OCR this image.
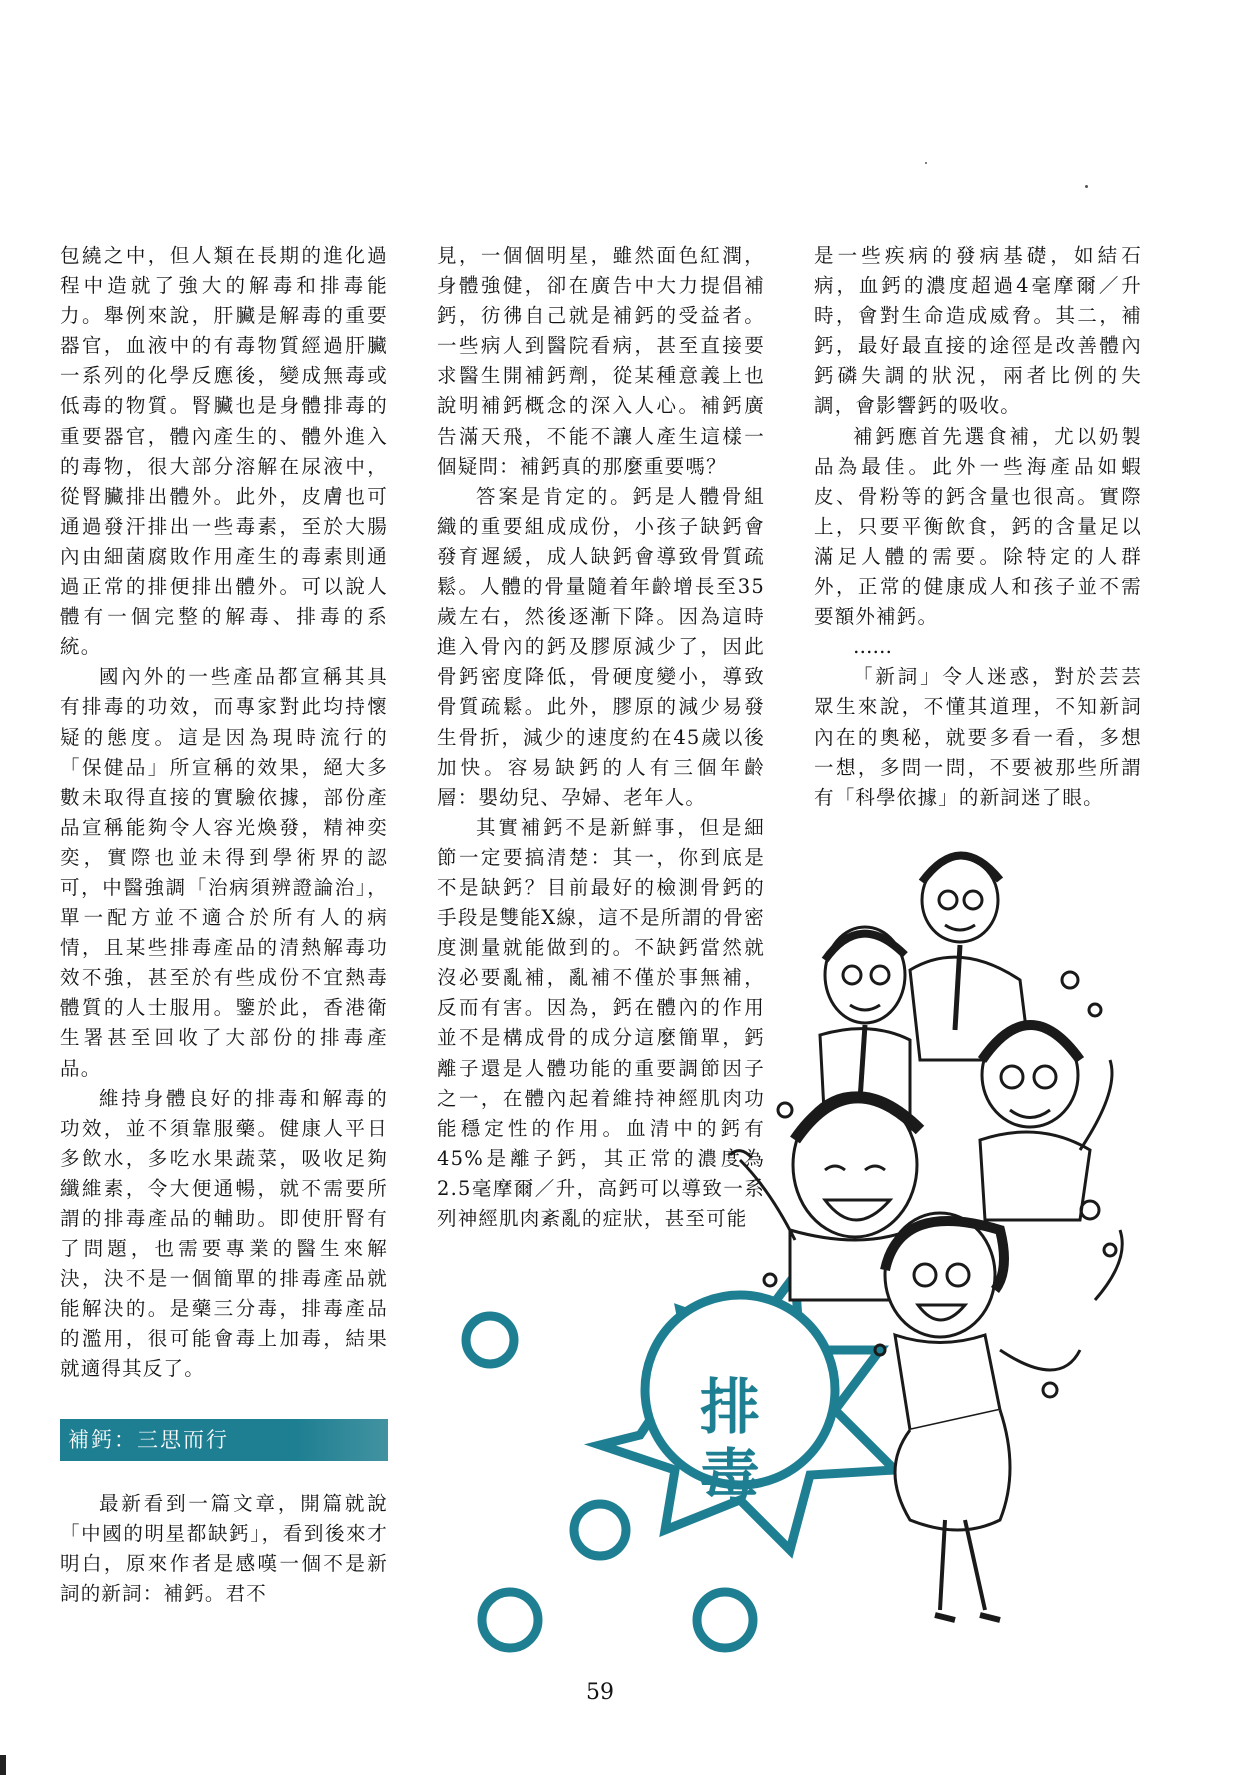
包繞之中，但人類在長期的進化過程中造就了強大的解毒和排毒能力。舉例來說，肝臟是解毒的重要器官，血液中的有毒物質經過肝臟一系列的化學反應後，變成無毒或低毒的物質。腎臟也是身體排毒的重要器官，體內產生的、體外進入的毒物，很大部分溶解在尿液中，從腎臟排出體外。此外，皮膚也可通過發汗排出一些毒素，至於大腸內由細菌腐敗作用產生的毒素則通過正常的排便排出體外。可以說人體有一個完整的解毒、排毒的系統。

國內外的一些產品都宣稱其具有排毒的功效，而專家對此均持懷疑的態度。這是因為現時流行的「保健品」所宣稱的效果，絕大多數未取得直接的實驗依據，部份產品宣稱能夠令人容光煥發，精神奕奕，實際也並未得到學術界的認可，中醫強調「治病須辨證論治」，單一配方並不適合於所有人的病情，且某些排毒產品的清熱解毒功效不強，甚至於有些成份不宜熱毒體質的人士服用。鑒於此，香港衛生署甚至回收了大部份的排毒產品。

維持身體良好的排毒和解毒的功效，並不須靠服藥。健康人平日多飲水，多吃水果蔬菜，吸收足夠纖維素，令大便通暢，就不需要所謂的排毒產品的輔助。即使肝腎有了問題，也需要專業的醫生來解決，決不是一個簡單的排毒產品就能解決的。是藥三分毒，排毒產品的濫用，很可能會毒上加毒，結果就適得其反了。

補鈣：三思而行

最新看到一篇文章，開篇就說「中國的明星都缺鈣」，看到後來才明白，原來作者是感嘆一個不是新詞的新詞：補鈣。君不

見，一個個明星，雖然面色紅潤，身體強健，卻在廣告中大力提倡補鈣，彷彿自己就是補鈣的受益者。一些病人到醫院看病，甚至直接要求醫生開補鈣劑，從某種意義上也說明補鈣概念的深入人心。補鈣廣告滿天飛，不能不讓人產生這樣一個疑問：補鈣真的那麼重要嗎？

答案是肯定的。鈣是人體骨組織的重要組成成份，小孩子缺鈣會發育遲緩，成人缺鈣會導致骨質疏鬆。人體的骨量隨着年齡增長至35歲左右，然後逐漸下降。因為這時進入骨內的鈣及膠原減少了，因此骨鈣密度降低，骨硬度變小，導致骨質疏鬆。此外，膠原的減少易發生骨折，減少的速度約在45歲以後加快。容易缺鈣的人有三個年齡層：嬰幼兒、孕婦、老年人。

其實補鈣不是新鮮事，但是細節一定要搞清楚：其一，你到底是不是缺鈣？目前最好的檢測骨鈣的手段是雙能X線，這不是所謂的骨密度測量就能做到的。不缺鈣當然就沒必要亂補，亂補不僅於事無補，反而有害。因為，鈣在體內的作用並不是構成骨的成分這麼簡單，鈣離子還是人體功能的重要調節因子之一，在體內起着維持神經肌肉功能穩定性的作用。血清中的鈣有45%是離子鈣，其正常的濃度為2.5毫摩爾／升，高鈣可以導致一系列神經肌肉紊亂的症狀，甚至可能

是一些疾病的發病基礎，如結石病，血鈣的濃度超過4毫摩爾／升時，會對生命造成威脅。其二，補鈣，最好最直接的途徑是改善體內鈣磷失調的狀況，兩者比例的失調，會影響鈣的吸收。

補鈣應首先選食補，尤以奶製品為最佳。此外一些海產品如蝦皮、骨粉等的鈣含量也很高。實際上，只要平衡飲食，鈣的含量足以滿足人體的需要。除特定的人群外，正常的健康成人和孩子並不需要額外補鈣。

……

「新詞」令人迷惑，對於芸芸眾生來說，不懂其道理，不知新詞內在的奧秘，就要多看一看，多想一想，多問一問，不要被那些所謂有「科學依據」的新詞迷了眼。

排毒
59
